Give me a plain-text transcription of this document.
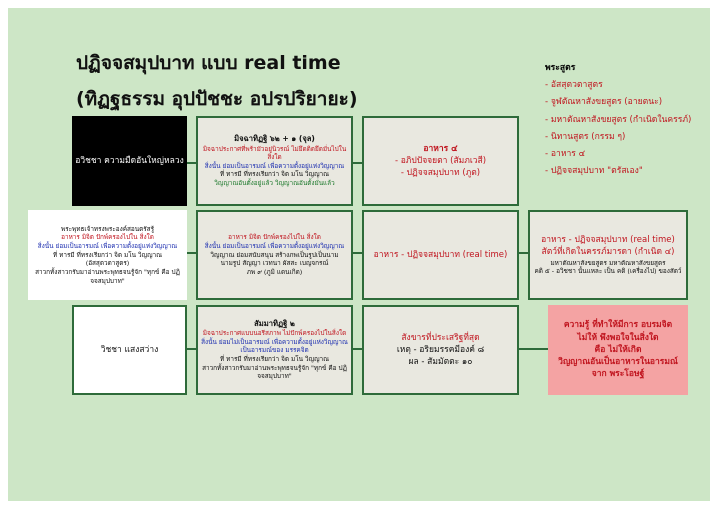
ปฏิจจสมุปบาท แบบ real time
(ทิฏฐธรรม อุปปัชชะ อปรปริยายะ)
พระสูตร
- อัสสุตวตาสูตร
- จูฬตัณหาสังขยสูตร (อายตนะ)
- มหาตัณหาสังขยสูตร (กำเนิดในครรภ์)
- นิทานสูตร (กรรม ๆ)
- อาหาร ๔
- ปฏิจจสมุปบาท "ตรัสเอง"
อวิชชา ความมืดอันใหญ่หลวง
มิจฉาทิฏฐิ ๖๒ + ๑ (จุล)
มิจฉาประกาศที่พร้ามัวอยู่นิวรณ์ ไม่ยึดติดยึดมั่นไปในสิ่งใด
สิ่งนั้น ย่อมเป็นอารมณ์ เพื่อความตั้งอยู่แห่งวิญญาณ
ที่ ทารมี ที่ทรงเรียกว่า จิต มโน วิญญาณ
วิญญาณอันตั้งอยู่แล้ว วิญญาณอันตั้งมั่นแล้ว
อาหาร ๔
- อภิปปัจจยตา (สัมภเวสี)
- ปฏิจจสมุปบาท (ภูต)
พระพุทธเจ้าทรงพระองค์สอนตรัสรู้
อาหาร มิจิต ปักพ์ครองไปใน สิ่งใด
สิ่งนั้น ย่อมเป็นอารมณ์ เพื่อความตั้งอยู่แห่งวิญญาณ
ที่ ทารมี ที่ทรงเรียกว่า จิต มโน วิญญาณ
(อัสสุตวตาสูตร)
สาวกทั้งสาวกรับมาอ่านพระพุทธจนรู้จัก "ทุกข์ คือ ปฏิจจสมุปบาท"
อาหาร มิจิต ปักพ์ครองไปใน สิ่งใด
สิ่งนั้น ย่อมเป็นอารมณ์ เพื่อความตั้งอยู่แห่งวิญญาณ
วิญญาณ ย่อมสนับสนุน สร้างภพเป็นรูปเป็นนาม
นามรูป สัญญา เวทนา ผัสสะ เบญจกรณ์
ภพ ๙ (ภูมิ แดนเกิด)
อาหาร - ปฏิจจสมุปบาท (real time)
อาหาร - ปฏิจจสมุปบาท (real time)
สัตว์ที่เกิดในครรภ์มารดา (กำเนิด ๔)
มหาตัณหาสังขยสูตร มหาตัณหาสังขยสูตร
คติ ๕ - อวิชชา นั้นแหละ เป็น คติ (เครื่องไป) ของสัตว์
วิชชา แสงสว่าง
สัมมาทิฏฐิ ๒
มิจฉาประกาศแบบนอรีสภาพ ไม่ปักพ์ครองไปในสิ่งใด
สิ่งนั้น ย่อมไม่เป็นอารมณ์ เพื่อความตั้งอยู่แห่งวิญญาณ
เป็นอารมณ์ของ มรรคจิต
ที่ ทารมี ที่ทรงเรียกว่า จิต มโน วิญญาณ
สาวกทั้งสาวกรับมาอ่านพระพุทธจนรู้จัก "ทุกข์ คือ ปฏิจจสมุปบาท"
สังขารที่ประเสริฐที่สุด
เหตุ - อริยมรรคมีองค์ ๘
ผล - สัมมัตตะ ๑๐
ความรู้ ที่ทำให้มีการ อบรมจิต
ไม่ให้ พึงพอใจในสิ่งใด
คือ ไม่ให้เกิด
วิญญาณอันเป็นอาหารในอารมณ์
จาก พระโอษฐ์
